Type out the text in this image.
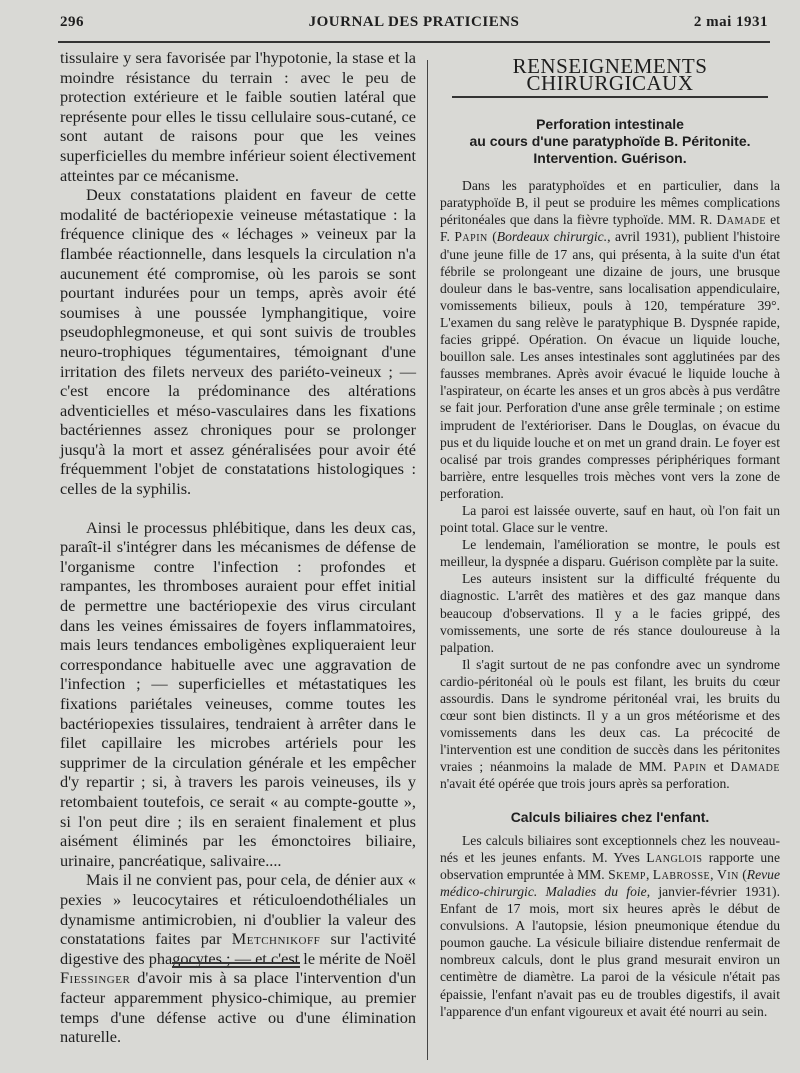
296	JOURNAL DES PRATICIENS	2 mai 1931

tissulaire y sera favorisée par l'hypotonie, la stase et la moindre résistance du terrain : avec le peu de protection extérieure et le faible soutien latéral que représente pour elles le tissu cellulaire sous-cutané, ce sont autant de raisons pour que les veines superficielles du membre inférieur soient électivement atteintes par ce mécanisme.

Deux constatations plaident en faveur de cette modalité de bactériopexie veineuse métastatique : la fréquence clinique des « léchages » veineux par la flambée réactionnelle, dans lesquels la circulation n'a aucunement été compromise, où les parois se sont pourtant indurées pour un temps, après avoir été soumises à une poussée lymphangitique, voire pseudophlegmoneuse, et qui sont suivis de troubles neuro-trophiques tégumentaires, témoignant d'une irritation des filets nerveux des pariéto-veineux ; — c'est encore la prédominance des altérations adventicielles et méso-vasculaires dans les fixations bactériennes assez chroniques pour se prolonger jusqu'à la mort et assez généralisées pour avoir été fréquemment l'objet de constatations histologiques : celles de la syphilis.

Ainsi le processus phlébitique, dans les deux cas, paraît-il s'intégrer dans les mécanismes de défense de l'organisme contre l'infection : profondes et rampantes, les thromboses auraient pour effet initial de permettre une bactériopexie des virus circulant dans les veines émissaires de foyers inflammatoires, mais leurs tendances emboligènes expliqueraient leur correspondance habituelle avec une aggravation de l'infection ; — superficielles et métastatiques les fixations pariétales veineuses, comme toutes les bactériopexies tissulaires, tendraient à arrêter dans le filet capillaire les microbes artériels pour les supprimer de la circulation générale et les empêcher d'y repartir ; si, à travers les parois veineuses, ils y retombaient toutefois, ce serait « au compte-goutte », si l'on peut dire ; ils en seraient finalement et plus aisément éliminés par les émonctoires biliaire, urinaire, pancréatique, salivaire....

Mais il ne convient pas, pour cela, de dénier aux « pexies » leucocytaires et réticuloendothéliales un dynamisme antimicrobien, ni d'oublier la valeur des constatations faites par Metchnikoff sur l'activité digestive des phagocytes ; — et c'est le mérite de Noël Fiessinger d'avoir mis à sa place l'intervention d'un facteur apparemment physico-chimique, au premier temps d'une défense active ou d'une élimination naturelle.

RENSEIGNEMENTS CHIRURGICAUX
Perforation intestinale
au cours d'une paratyphoïde B. Péritonite.
Intervention. Guérison.

Dans les paratyphoïdes et en particulier, dans la paratyphoïde B, il peut se produire les mêmes complications péritonéales que dans la fièvre typhoïde. MM. R. Damade et F. Papin (Bordeaux chirurgic., avril 1931), publient l'histoire d'une jeune fille de 17 ans, qui présenta, à la suite d'un état fébrile se prolongeant une dizaine de jours, une brusque douleur dans le bas-ventre, sans localisation appendiculaire, vomissements bilieux, pouls à 120, température 39°. L'examen du sang relève le paratyphique B. Dyspnée rapide, facies grippé. Opération. On évacue un liquide louche, bouillon sale. Les anses intestinales sont agglutinées par des fausses membranes. Après avoir évacué le liquide louche à l'aspirateur, on écarte les anses et un gros abcès à pus verdâtre se fait jour. Perforation d'une anse grêle terminale ; on estime imprudent de l'extérioriser. Dans le Douglas, on évacue du pus et du liquide louche et on met un grand drain. Le foyer est ocalisé par trois grandes compresses périphériques formant barrière, entre lesquelles trois mèches vont vers la zone de perforation.

La paroi est laissée ouverte, sauf en haut, où l'on fait un point total. Glace sur le ventre.

Le lendemain, l'amélioration se montre, le pouls est meilleur, la dyspnée a disparu. Guérison complète par la suite.

Les auteurs insistent sur la difficulté fréquente du diagnostic. L'arrêt des matières et des gaz manque dans beaucoup d'observations. Il y a le facies grippé, des vomissements, une sorte de rés stance douloureuse à la palpation.

Il s'agit surtout de ne pas confondre avec un syndrome cardio-péritonéal où le pouls est filant, les bruits du cœur assourdis. Dans le syndrome péritonéal vrai, les bruits du cœur sont bien distincts. Il y a un gros météorisme et des vomissements dans les deux cas. La précocité de l'intervention est une condition de succès dans les péritonites vraies ; néanmoins la malade de MM. Papin et Damade n'avait été opérée que trois jours après sa perforation.

Calculs biliaires chez l'enfant.

Les calculs biliaires sont exceptionnels chez les nouveau-nés et les jeunes enfants. M. Yves Langlois rapporte une observation empruntée à MM. Skemp, Labrosse, Vin (Revue médico-chirurgic. Maladies du foie, janvier-février 1931). Enfant de 17 mois, mort six heures après le début de convulsions. A l'autopsie, lésion pneumonique étendue du poumon gauche. La vésicule biliaire distendue renfermait de nombreux calculs, dont le plus grand mesurait environ un centimètre de diamètre. La paroi de la vésicule n'était pas épaissie, l'enfant n'avait pas eu de troubles digestifs, il avait l'apparence d'un enfant vigoureux et avait été nourri au sein.
